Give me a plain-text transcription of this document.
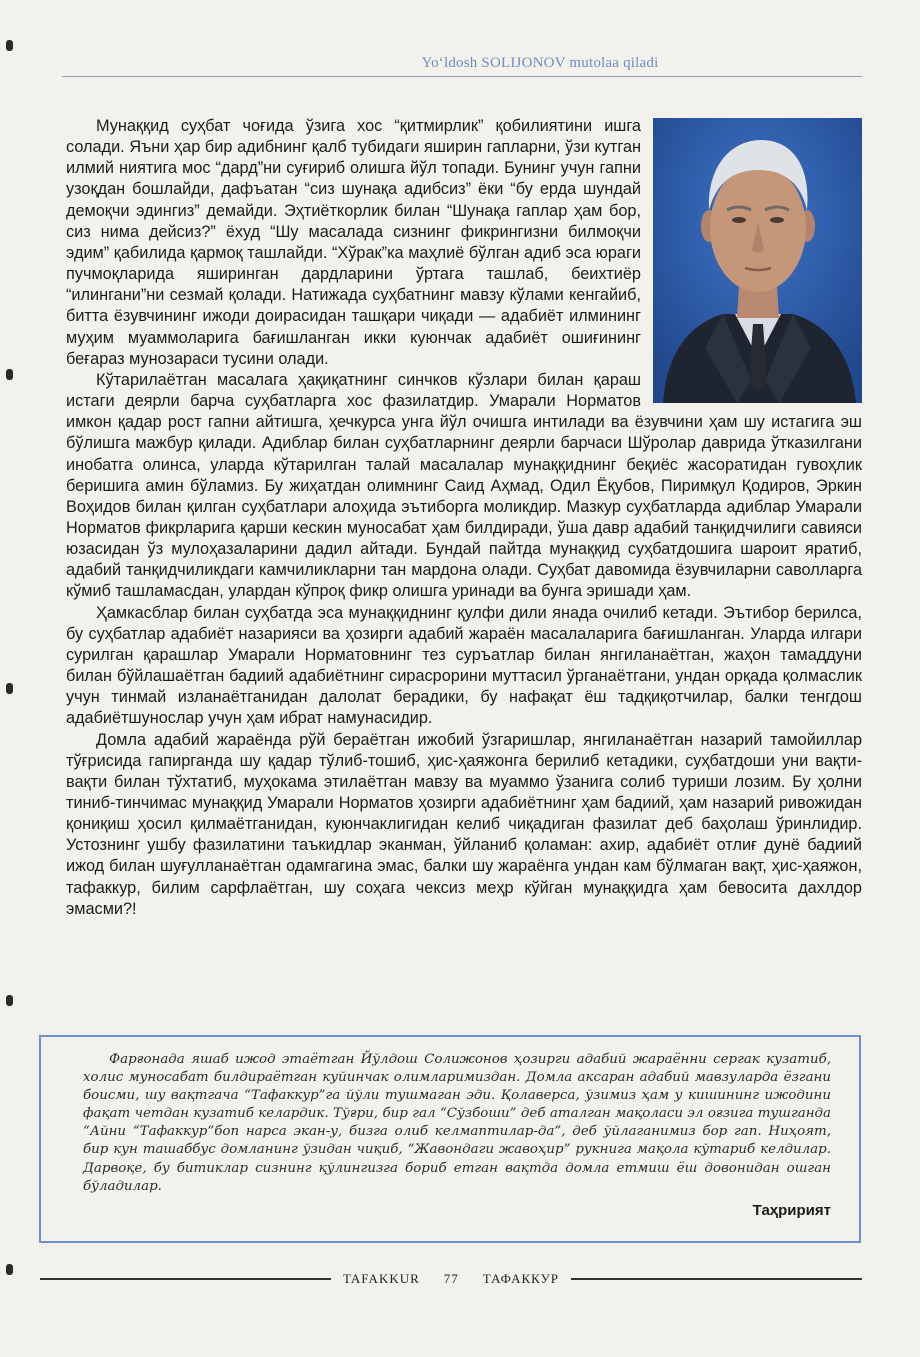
Yo‘ldosh SOLIJONOV mutolaa qiladi

Мунаққид суҳбат чоғида ўзига хос “қитмирлик” қобилиятини ишга солади. Яъни ҳар бир адибнинг қалб тубидаги яширин гапларни, ўзи кутган илмий ниятига мос “дард”ни суғириб олишга йўл топади. Бунинг учун гапни узоқдан бошлайди, дафъатан “сиз шунақа адибсиз” ёки “бу ерда шундай демоқчи эдингиз” демайди. Эҳтиёткорлик билан “Шунақа гаплар ҳам бор, сиз нима дейсиз?” ёхуд “Шу масалада сизнинг фикрингизни билмоқчи эдим” қабилида қармоқ ташлайди. “Хўрак”ка маҳлиё бўлган адиб эса юраги пучмоқларида яширинган дардларини ўртага ташлаб, беихтиёр “илингани”ни сезмай қолади. Натижада суҳбатнинг мавзу кўлами кенгайиб, битта ёзувчининг ижоди доирасидан ташқари чиқади — адабиёт илмининг муҳим муаммоларига бағишланган икки куюнчак адабиёт ошиғининг беғараз мунозараси тусини олади.

Кўтарилаётган масалага ҳақиқатнинг синчков кўзлари билан қараш истаги деярли барча суҳбатларга хос фазилатдир. Умарали Норматов имкон қадар рост гапни айтишга, ҳечкурса унга йўл очишга интилади ва ёзувчини ҳам шу истагига эш бўлишга мажбур қилади. Адиблар билан суҳбатларнинг деярли барчаси Шўролар даврида ўтказилгани инобатга олинса, уларда кўтарилган талай масалалар мунаққиднинг беқиёс жасоратидан гувоҳлик беришига амин бўламиз. Бу жиҳатдан олимнинг Саид Аҳмад, Одил Ёқубов, Пиримқул Қодиров, Эркин Воҳидов билан қилган суҳбатлари алоҳида эътиборга моликдир. Мазкур суҳбатларда адиблар Умарали Норматов фикрларига қарши кескин муносабат ҳам билдиради, ўша давр адабий танқидчилиги савияси юзасидан ўз мулоҳазаларини дадил айтади. Бундай пайтда мунаққид суҳбатдошига шароит яратиб, адабий танқидчиликдаги камчиликларни тан мардона олади. Суҳбат давомида ёзувчиларни саволларга кўмиб ташламасдан, улардан кўпроқ фикр олишга уринади ва бунга эришади ҳам.

Ҳамкасблар билан суҳбатда эса мунаққиднинг қулфи дили янада очилиб кетади. Эътибор берилса, бу суҳбатлар адабиёт назарияси ва ҳозирги адабий жараён масалаларига бағишланган. Уларда илгари сурилган қарашлар Умарали Норматовнинг тез суръатлар билан янгиланаётган, жаҳон тамаддуни билан бўйлашаётган бадиий адабиётнинг сирасрорини муттасил ўрганаётгани, ундан орқада қолмаслик учун тинмай изланаётганидан далолат берадики, бу нафақат ёш тадқиқотчилар, балки тенгдош адабиётшунослар учун ҳам ибрат намунасидир.

Домла адабий жараёнда рўй бераётган ижобий ўзгаришлар, янгиланаётган назарий тамойиллар тўғрисида гапирганда шу қадар тўлиб-тошиб, ҳис-ҳаяжонга берилиб кетадики, суҳбатдоши уни вақти-вақти билан тўхтатиб, муҳокама этилаётган мавзу ва муаммо ўзанига солиб туриши лозим. Бу ҳолни тиниб-тинчимас мунаққид Умарали Норматов ҳозирги адабиётнинг ҳам бадиий, ҳам назарий ривожидан қониқиш ҳосил қилмаётганидан, куюнчаклигидан келиб чиқадиган фазилат деб баҳолаш ўринлидир. Устознинг ушбу фазилатини таъкидлар эканман, ўйланиб қоламан: ахир, адабиёт отлиғ дунё бадиий ижод билан шуғулланаётган одамгагина эмас, балки шу жараёнга ундан кам бўлмаган вақт, ҳис-ҳаяжон, тафаккур, билим сарфлаётган, шу соҳага чексиз меҳр кўйган мунаққидга ҳам бевосита дахлдор эмасми?!

Фарғонада яшаб ижод этаётган Йўлдош Солижонов ҳозирги адабий жараённи сергак кузатиб, холис муносабат билдираётган куйинчак олимларимиздан. Домла аксаран адабий мавзуларда ёзгани боисми, шу вақтгача “Тафаккур”га йўли тушмаган эди. Қолаверса, ўзимиз ҳам у кишининг ижодини фақат четдан кузатиб келардик. Тўғри, бир гал “Сўзбоши” деб аталган мақоласи эл оғзига тушганда “Айни “Тафаккур”боп нарса экан-у, бизга олиб келмаптилар-да”, деб ўйлаганимиз бор гап. Ниҳоят, бир кун ташаббус домланинг ўзидан чиқиб, “Жавондаги жавоҳир” рукнига мақола кўтариб келдилар. Дарвоқе, бу битиклар сизнинг қўлингизга бориб етган вақтда домла етмиш ёш довонидан ошган бўладилар.

Таҳририят
TAFAKKUR 77 ТАФАККУР
